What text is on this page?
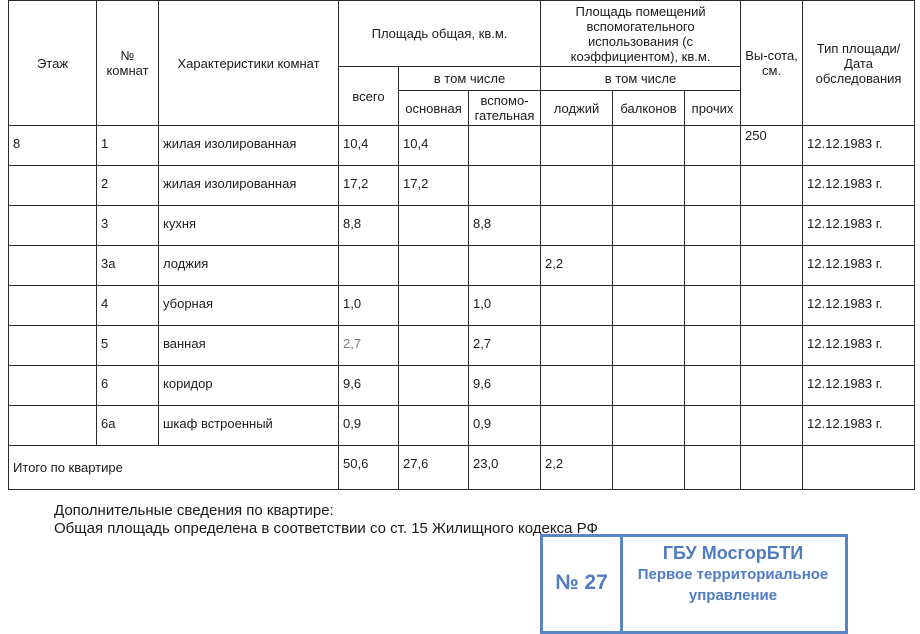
Этаж	№ комнат	Характеристики комнат	Площадь общая, кв.м.			Площадь помещений вспомогательного использования (с коэффициентом), кв.м.			Вы-сота, см.	Тип площади/ Дата обследования
			всего	в том числе		в том числе				
				основная	вспомо-гательная	лоджий	балконов	прочих		
8	1	жилая изолированная	10,4	10,4					250	12.12.1983 г.
	2	жилая изолированная	17,2	17,2						12.12.1983 г.
	3	кухня	8,8		8,8					12.12.1983 г.
	3а	лоджия				2,2				12.12.1983 г.
	4	уборная	1,0		1,0					12.12.1983 г.
	5	ванная	2,7		2,7					12.12.1983 г.
	6	коридор	9,6		9,6					12.12.1983 г.
	6а	шкаф встроенный	0,9		0,9					12.12.1983 г.
Итого по квартире			50,6	27,6	23,0	2,2				
Дополнительные сведения по квартире:
Общая площадь определена в соответствии со ст. 15 Жилищного кодекса РФ
№ 27
ГБУ МосгорБТИ
Первое территориальное
управление
